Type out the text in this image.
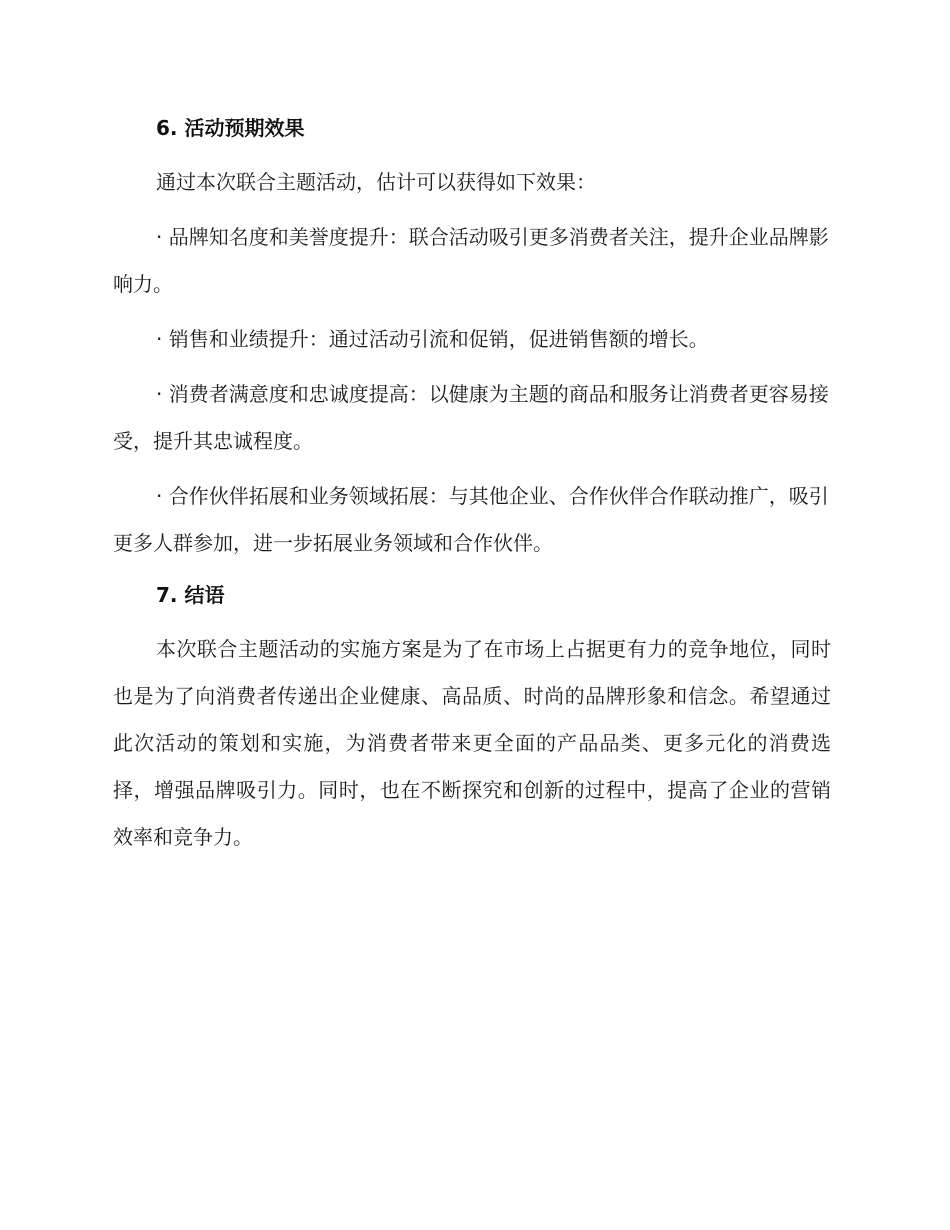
6. 活动预期效果

通过本次联合主题活动，估计可以获得如下效果：

· 品牌知名度和美誉度提升：联合活动吸引更多消费者关注，提升企业品牌影响力。

· 销售和业绩提升：通过活动引流和促销，促进销售额的增长。

· 消费者满意度和忠诚度提高：以健康为主题的商品和服务让消费者更容易接受，提升其忠诚程度。

· 合作伙伴拓展和业务领域拓展：与其他企业、合作伙伴合作联动推广，吸引更多人群参加，进一步拓展业务领域和合作伙伴。

7. 结语

本次联合主题活动的实施方案是为了在市场上占据更有力的竞争地位，同时也是为了向消费者传递出企业健康、高品质、时尚的品牌形象和信念。希望通过此次活动的策划和实施，为消费者带来更全面的产品品类、更多元化的消费选择，增强品牌吸引力。同时，也在不断探究和创新的过程中，提高了企业的营销效率和竞争力。
